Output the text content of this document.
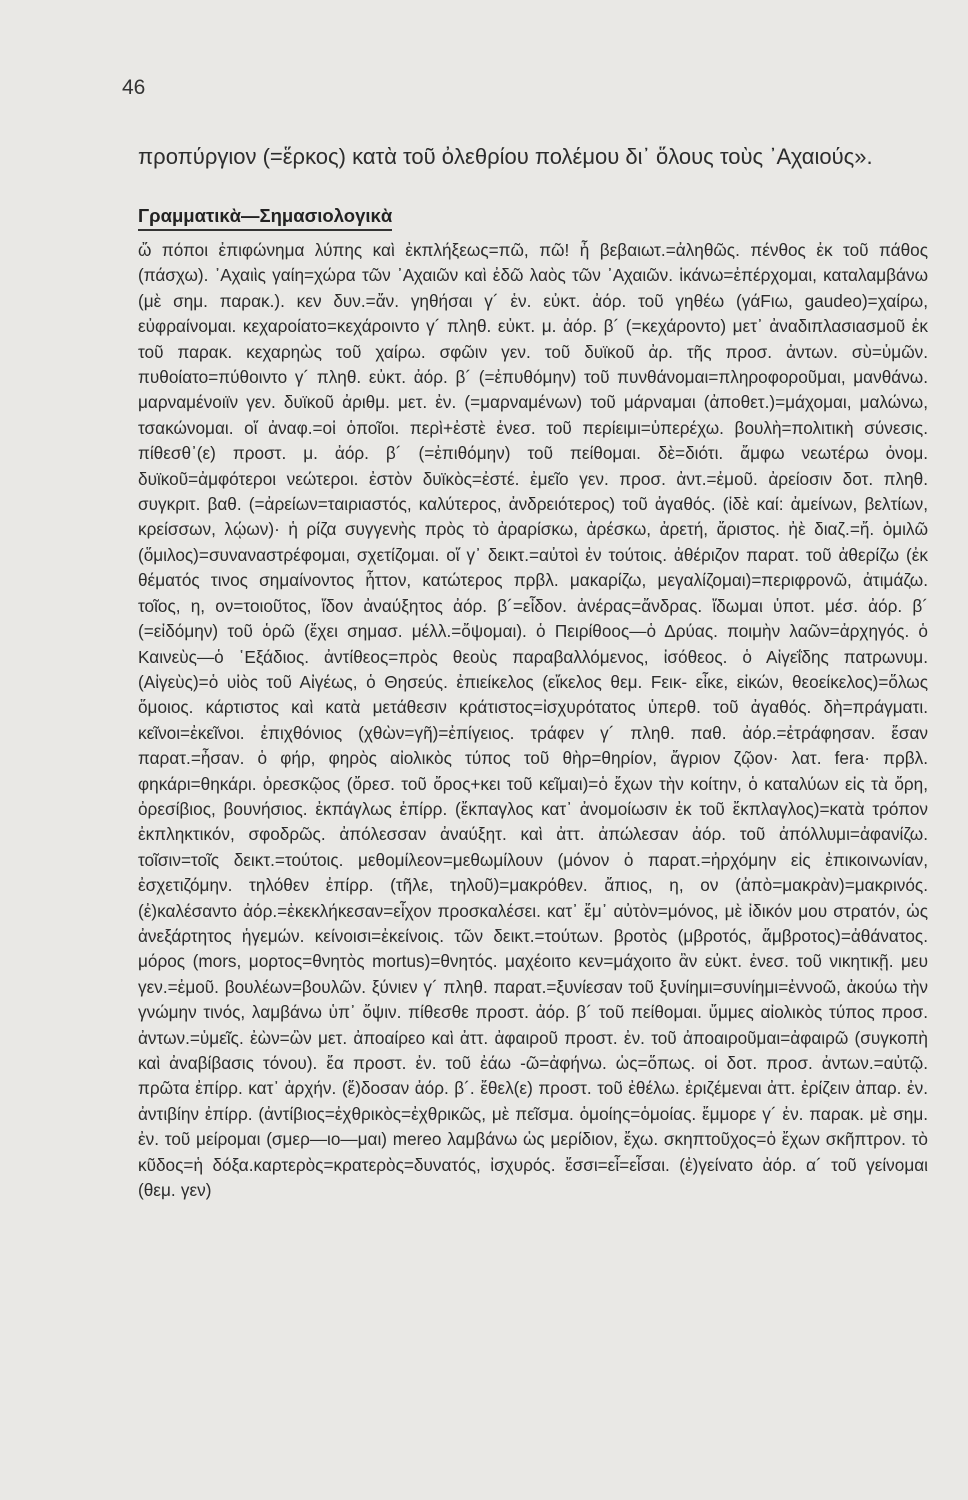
46

προπύργιον (=ἕρκος) κατὰ τοῦ ὀλεθρίου πολέμου δι᾽ ὅλους τοὺς ᾽Αχαιούς».

Γραμματικὰ—Σημασιολογικὰ

ὤ πόποι ἐπιφώνημα λύπης καὶ ἐκπλήξεως=πῶ, πῶ! ἦ βεβαιωτ.=ἀληθῶς. πένθος ἐκ τοῦ πάθος (πάσχω). ᾽Αχαιὶς γαίη=χώρα τῶν ᾽Αχαιῶν καὶ ἐδῶ λαὸς τῶν ᾽Αχαιῶν. ἱκάνω=ἐπέρχομαι, καταλαμβάνω (μὲ σημ. παρακ.). κεν δυν.=ἄν. γηθήσαι γ´ ἑν. εὐκτ. ἀόρ. τοῦ γηθέω (γάFιω, gaudeo)=χαίρω, εὐφραίνομαι. κεχαροίατο=κεχάροιντο γ´ πληθ. εὐκτ. μ. ἀόρ. β´ (=κεχάροντο) μετ᾽ ἀναδιπλασιασμοῦ ἐκ τοῦ παρακ. κεχαρηὼς τοῦ χαίρω. σφῶιν γεν. τοῦ δυϊκοῦ ἀρ. τῆς προσ. ἀντων. σὺ=ὑμῶν. πυθοίατο=πύθοιντο γ´ πληθ. εὐκτ. ἀόρ. β´ (=ἐπυθόμην) τοῦ πυνθάνομαι=πληροφοροῦμαι, μανθάνω. μαρναμένοιϊν γεν. δυϊκοῦ ἀριθμ. μετ. ἐν. (=μαρναμένων) τοῦ μάρναμαι (ἀποθετ.)=μάχομαι, μαλώνω, τσακώνομαι. οἵ ἀναφ.=οἱ ὁποῖοι. περὶ+ἐστὲ ἐνεσ. τοῦ περίειμι=ὑπερέχω. βουλὴ=πολιτικὴ σύνεσις. πίθεσθ᾽(ε) προστ. μ. ἀόρ. β´ (=ἐπιθόμην) τοῦ πείθομαι. δὲ=διότι. ἄμφω νεωτέρω ὀνομ. δυϊκοῦ=ἀμφότεροι νεώτεροι. ἐστὸν δυϊκὸς=ἐστέ. ἐμεῖο γεν. προσ. ἀντ.=ἐμοῦ. ἀρείοσιν δοτ. πληθ. συγκριτ. βαθ. (=ἀρείων=ταιριαστός, καλύτερος, ἀνδρειότερος) τοῦ ἀγαθός. (ἰδὲ καί: ἀμείνων, βελτίων, κρείσσων, λῴων)· ἡ ρίζα συγγενὴς πρὸς τὸ ἀραρίσκω, ἀρέσκω, ἀρετή, ἄριστος. ἠὲ διαζ.=ἤ. ὁμιλῶ (ὅμιλος)=συναναστρέφομαι, σχετίζομαι. οἵ γ᾽ δεικτ.=αὐτοὶ ἐν τούτοις. ἀθέριζον παρατ. τοῦ ἀθερίζω (ἐκ θέματός τινος σημαίνοντος ἧττον, κατώτερος πρβλ. μακαρίζω, μεγαλίζομαι)=περιφρονῶ, ἀτιμάζω. τοῖος, η, ον=τοιοῦτος, ἴδον ἀναύξητος ἀόρ. β´=εἶδον. ἀνέρας=ἄνδρας. ἴδωμαι ὑποτ. μέσ. ἀόρ. β´ (=εἰδόμην) τοῦ ὁρῶ (ἔχει σημασ. μέλλ.=ὄψομαι). ὁ Πειρίθοος—ὁ Δρύας. ποιμὴν λαῶν=ἀρχηγός. ὁ Καινεὺς—ὁ ῾Εξάδιος. ἀντίθεος=πρὸς θεοὺς παραβαλλόμενος, ἰσόθεος. ὁ Αἰγεΐδης πατρωνυμ. (Αἰγεὺς)=ὁ υἱὸς τοῦ Αἰγέως, ὁ Θησεύς. ἐπιείκελος (εἴκελος θεμ. Fεικ- εἶκε, εἰκών, θεοείκελος)=ὅλως ὅμοιος. κάρτιστος καὶ κατὰ μετάθεσιν κράτιστος=ἰσχυρότατος ὑπερθ. τοῦ ἀγαθός. δὴ=πράγματι. κεῖνοι=ἐκεῖνοι. ἐπιχθόνιος (χθὼν=γῆ)=ἐπίγειος. τράφεν γ´ πληθ. παθ. ἀόρ.=ἐτράφησαν. ἔσαν παρατ.=ἦσαν. ὁ φήρ, φηρὸς αἰολικὸς τύπος τοῦ θὴρ=θηρίον, ἄγριον ζῷον· λατ. fera· πρβλ. φηκάρι=θηκάρι. ὀρεσκῷος (ὄρεσ. τοῦ ὄρος+κει τοῦ κεῖμαι)=ὁ ἔχων τὴν κοίτην, ὁ καταλύων εἰς τὰ ὄρη, ὀρεσίβιος, βουνήσιος. ἐκπάγλως ἐπίρρ. (ἔκπαγλος κατ᾽ ἀνομοίωσιν ἐκ τοῦ ἔκπλαγλος)=κατὰ τρόπον ἐκπληκτικόν, σφοδρῶς. ἀπόλεσσαν ἀναύξητ. καὶ ἀττ. ἀπώλεσαν ἀόρ. τοῦ ἀπόλλυμι=ἀφανίζω. τοῖσιν=τοῖς δεικτ.=τούτοις. μεθομίλεον=μεθωμίλουν (μόνον ὁ παρατ.=ἠρχόμην εἰς ἐπικοινωνίαν, ἐσχετιζόμην. τηλόθεν ἐπίρρ. (τῆλε, τηλοῦ)=μακρόθεν. ἄπιος, η, ον (ἀπὸ=μακρὰν)=μακρινός. (ἐ)καλέσαντο ἀόρ.=ἐκεκλήκεσαν=εἶχον προσκαλέσει. κατ᾽ ἔμ᾽ αὐτὸν=μόνος, μὲ ἰδικόν μου στρατόν, ὡς ἀνεξάρτητος ἡγεμών. κείνοισι=ἐκείνοις. τῶν δεικτ.=τούτων. βροτὸς (μβροτός, ἄμβροτος)=ἀθάνατος. μόρος (mors, μορτος=θνητὸς mortus)=θνητός. μαχέοιτο κεν=μάχοιτο ἂν εὐκτ. ἐνεσ. τοῦ νικητικῇ. μευ γεν.=ἐμοῦ. βουλέων=βουλῶν. ξύνιεν γ´ πληθ. παρατ.=ξυνίεσαν τοῦ ξυνίημι=συνίημι=ἐννοῶ, ἀκούω τὴν γνώμην τινός, λαμβάνω ὑπ᾽ ὄψιν. πίθεσθε προστ. ἀόρ. β´ τοῦ πείθομαι. ὔμμες αἰολικὸς τύπος προσ. ἀντων.=ὑμεῖς. ἐὼν=ὢν μετ. ἀποαίρεο καὶ ἀττ. ἀφαιροῦ προστ. ἐν. τοῦ ἀποαιροῦμαι=ἀφαιρῶ (συγκοπὴ καὶ ἀναβίβασις τόνου). ἔα προστ. ἐν. τοῦ ἐάω -ῶ=ἀφήνω. ὡς=ὅπως. οἱ δοτ. προσ. ἀντων.=αὐτῷ. πρῶτα ἐπίρρ. κατ᾽ ἀρχήν. (ἔ)δοσαν ἀόρ. β´. ἔθελ(ε) προστ. τοῦ ἐθέλω. ἐριζέμεναι ἀττ. ἐρίζειν ἀπαρ. ἐν. ἀντιβίην ἐπίρρ. (ἀντίβιος=ἐχθρικὸς=ἐχθρικῶς, μὲ πεῖσμα. ὁμοίης=ὁμοίας. ἔμμορε γ´ ἐν. παρακ. μὲ σημ. ἐν. τοῦ μείρομαι (σμερ—ιο—μαι) mereo λαμβάνω ὡς μερίδιον, ἔχω. σκηπτοῦχος=ὁ ἔχων σκῆπτρον. τὸ κῦδος=ἡ δόξα.καρτερὸς=κρατερὸς=δυνατός, ἰσχυρός. ἔσσι=εἶ=εἶσαι. (ἐ)γείνατο ἀόρ. α´ τοῦ γείνομαι (θεμ. γεν)
